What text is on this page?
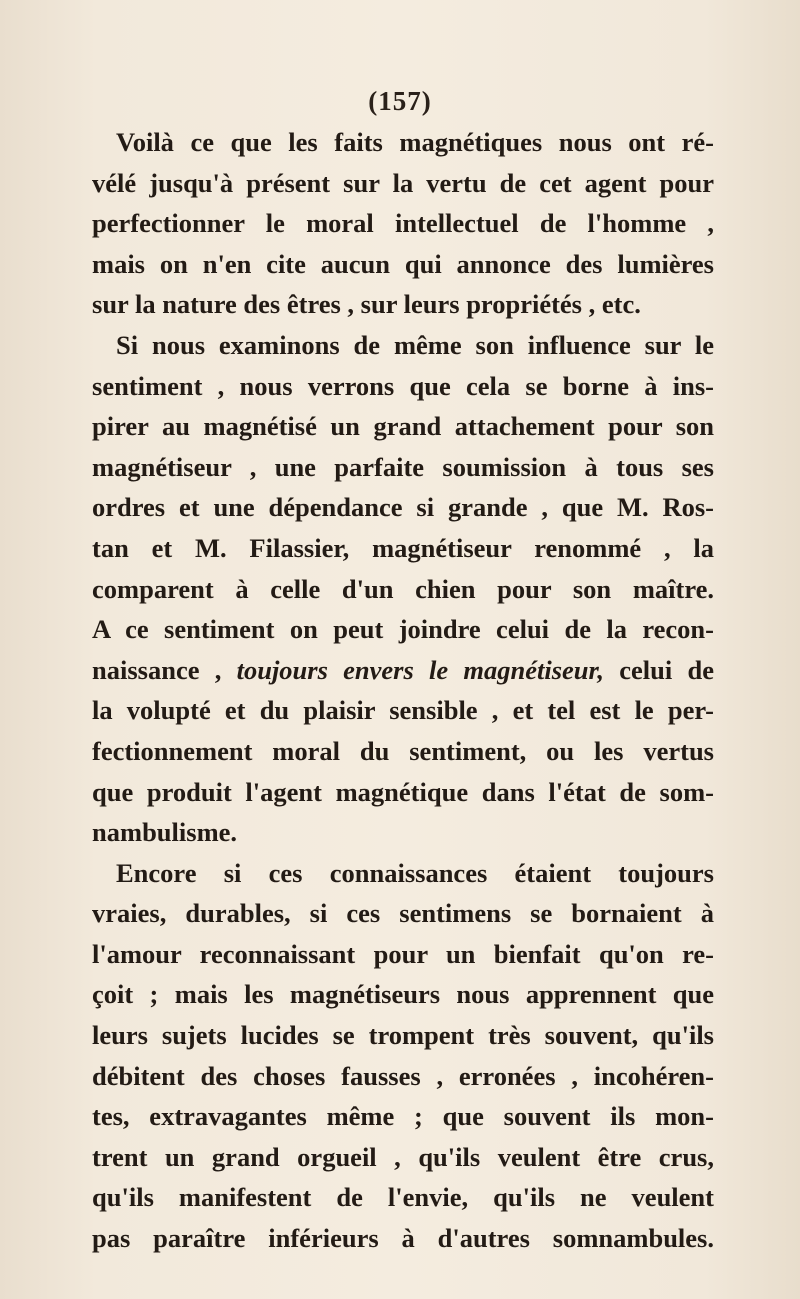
(157)
Voilà ce que les faits magnétiques nous ont ré-
vélé jusqu'à présent sur la vertu de cet agent pour
perfectionner le moral intellectuel de l'homme ,
mais on n'en cite aucun qui annonce des lumières
sur la nature des êtres , sur leurs propriétés , etc.
Si nous examinons de même son influence sur le
sentiment , nous verrons que cela se borne à ins-
pirer au magnétisé un grand attachement pour son
magnétiseur , une parfaite soumission à tous ses
ordres et une dépendance si grande , que M. Ros-
tan et M. Filassier, magnétiseur renommé , la
comparent à celle d'un chien pour son maître.
A ce sentiment on peut joindre celui de la recon-
naissance , toujours envers le magnétiseur, celui de
la volupté et du plaisir sensible , et tel est le per-
fectionnement moral du sentiment, ou les vertus
que produit l'agent magnétique dans l'état de som-
nambulisme.
Encore si ces connaissances étaient toujours
vraies, durables, si ces sentimens se bornaient à
l'amour reconnaissant pour un bienfait qu'on re-
çoit ; mais les magnétiseurs nous apprennent que
leurs sujets lucides se trompent très souvent, qu'ils
débitent des choses fausses , erronées , incohéren-
tes, extravagantes même ; que souvent ils mon-
trent un grand orgueil , qu'ils veulent être crus,
qu'ils manifestent de l'envie, qu'ils ne veulent
pas paraître inférieurs à d'autres somnambules.
